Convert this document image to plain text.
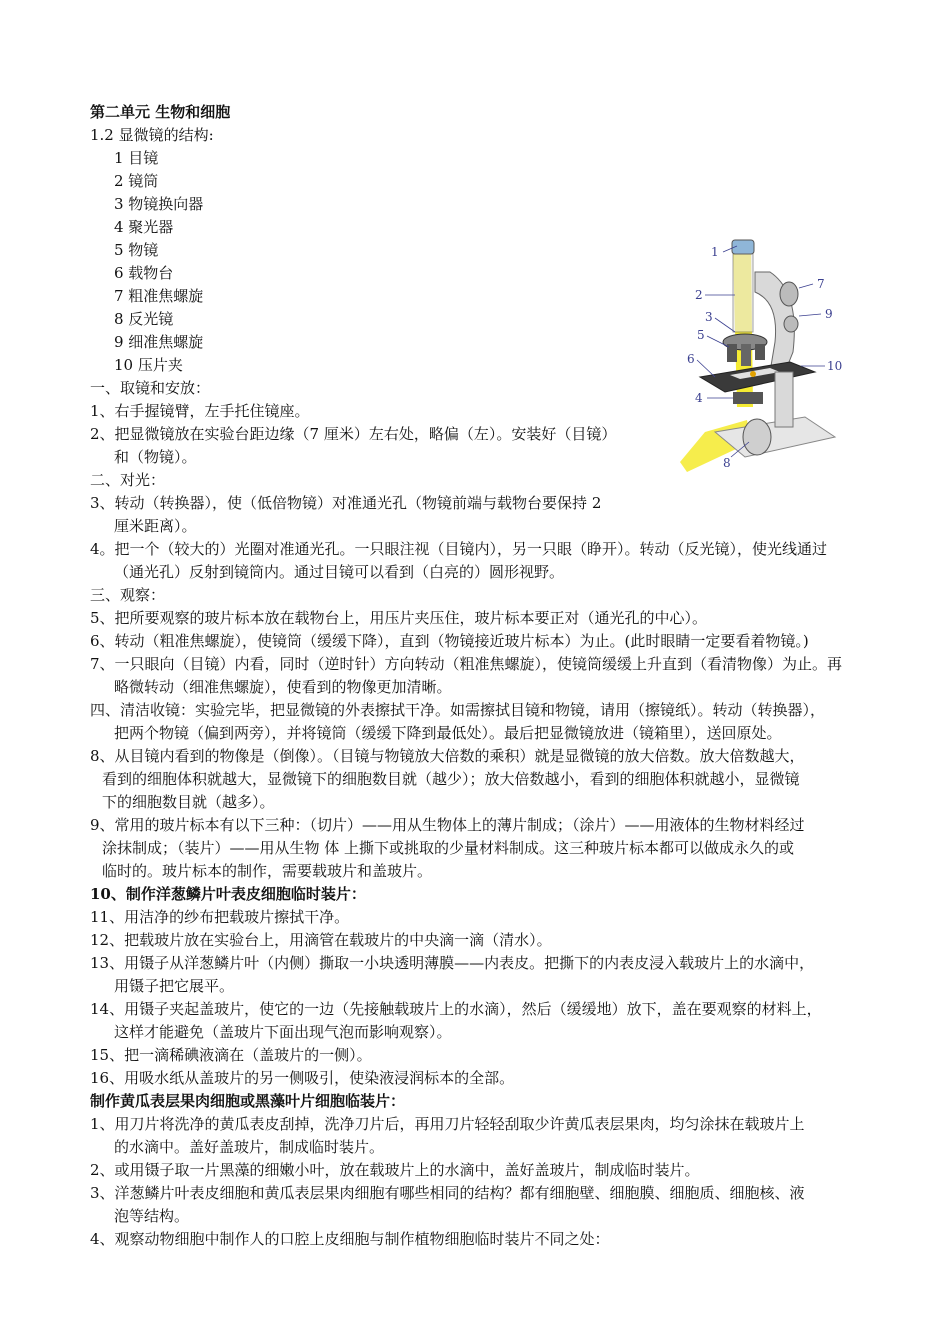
第二单元 生物和细胞
1.2 显微镜的结构:
1 目镜
2 镜筒
3 物镜换向器
4 聚光器
5 物镜
6 载物台
7 粗准焦螺旋
8 反光镜
9 细准焦螺旋
10 压片夹
一、取镜和安放：
1、右手握镜臂，左手托住镜座。
2、把显微镜放在实验台距边缘（7 厘米）左右处，略偏（左）。安装好（目镜）
和（物镜）。
二、对光：
3、转动（转换器），使（低倍物镜）对准通光孔（物镜前端与载物台要保持 2
厘米距离）。
4。把一个（较大的）光圈对准通光孔。一只眼注视（目镜内），另一只眼（睁开）。转动（反光镜），使光线通过
（通光孔）反射到镜筒内。通过目镜可以看到（白亮的）圆形视野。
三、观察：
5、把所要观察的玻片标本放在载物台上，用压片夹压住，玻片标本要正对（通光孔的中心）。
6、转动（粗准焦螺旋），使镜筒（缓缓下降），直到（物镜接近玻片标本）为止。(此时眼睛一定要看着物镜。)
7、一只眼向（目镜）内看，同时（逆时针）方向转动（粗准焦螺旋），使镜筒缓缓上升直到（看清物像）为止。再
略微转动（细准焦螺旋），使看到的物像更加清晰。
四、清洁收镜：实验完毕，把显微镜的外表擦拭干净。如需擦拭目镜和物镜，请用（擦镜纸）。转动（转换器），
把两个物镜（偏到两旁），并将镜筒（缓缓下降到最低处）。最后把显微镜放进（镜箱里），送回原处。
8、从目镜内看到的物像是（倒像）。（目镜与物镜放大倍数的乘积）就是显微镜的放大倍数。放大倍数越大，
看到的细胞体积就越大，显微镜下的细胞数目就（越少）；放大倍数越小，看到的细胞体积就越小，显微镜
下的细胞数目就（越多）。
9、常用的玻片标本有以下三种：（切片）——用从生物体上的薄片制成；（涂片）——用液体的生物材料经过
涂抹制成；（装片）——用从生物 体 上撕下或挑取的少量材料制成。这三种玻片标本都可以做成永久的或
临时的。玻片标本的制作，需要载玻片和盖玻片。
10、制作洋葱鳞片叶表皮细胞临时装片：
11、用洁净的纱布把载玻片擦拭干净。
12、把载玻片放在实验台上，用滴管在载玻片的中央滴一滴（清水）。
13、用镊子从洋葱鳞片叶（内侧）撕取一小块透明薄膜——内表皮。把撕下的内表皮浸入载玻片上的水滴中，
用镊子把它展平。
14、用镊子夹起盖玻片，使它的一边（先接触载玻片上的水滴），然后（缓缓地）放下，盖在要观察的材料上，
这样才能避免（盖玻片下面出现气泡而影响观察）。
15、把一滴稀碘液滴在（盖玻片的一侧）。
16、用吸水纸从盖玻片的另一侧吸引，使染液浸润标本的全部。
制作黄瓜表层果肉细胞或黑藻叶片细胞临装片：
1、用刀片将洗净的黄瓜表皮刮掉，洗净刀片后，再用刀片轻轻刮取少许黄瓜表层果肉，均匀涂抹在载玻片上
的水滴中。盖好盖玻片，制成临时装片。
2、或用镊子取一片黑藻的细嫩小叶，放在载玻片上的水滴中，盖好盖玻片，制成临时装片。
3、洋葱鳞片叶表皮细胞和黄瓜表层果肉细胞有哪些相同的结构？都有细胞壁、细胞膜、细胞质、细胞核、液
泡等结构。
4、观察动物细胞中制作人的口腔上皮细胞与制作植物细胞临时装片不同之处：
1
2
3
5
6
4
8
7
9
10
